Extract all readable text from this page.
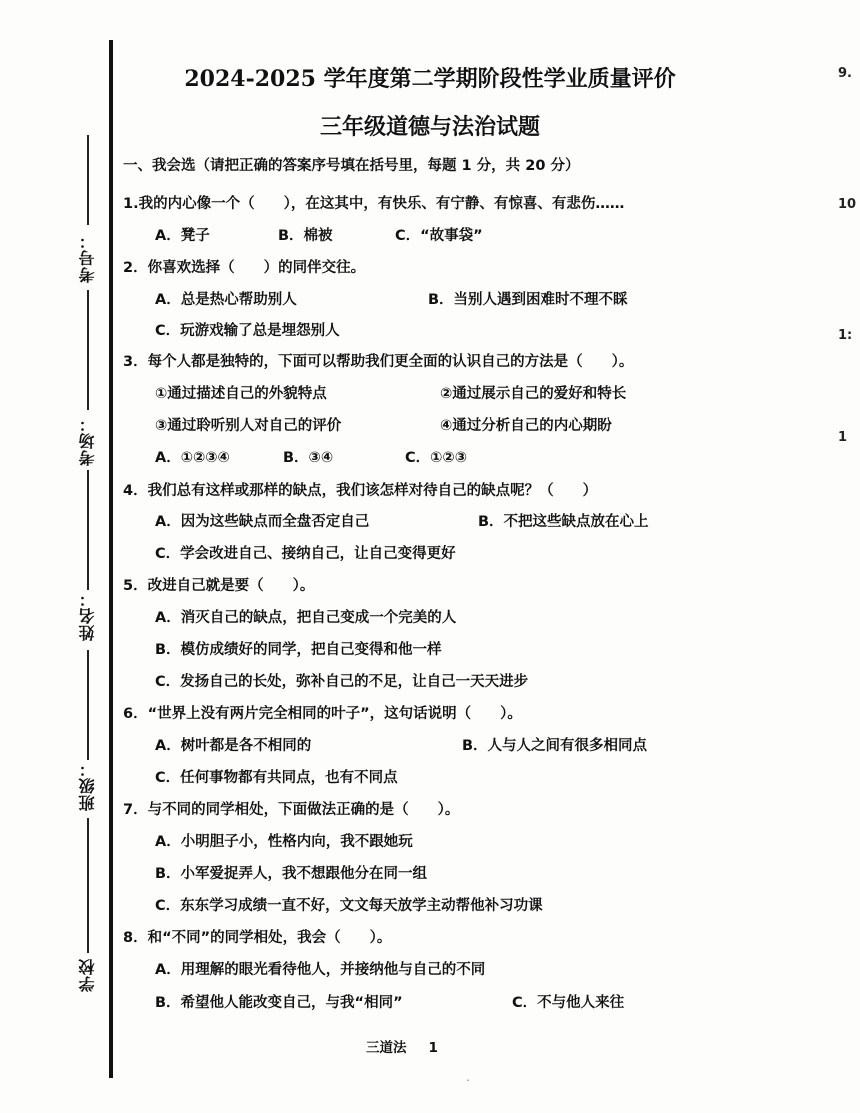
考号：
考场：
姓名：
班级：
学校
9.
10
1:
1
2024-2025 学年度第二学期阶段性学业质量评价
三年级道德与法治试题
一、我会选（请把正确的答案序号填在括号里，每题 1 分，共 20 分）
1.我的内心像一个（　　），在这其中，有快乐、有宁静、有惊喜、有悲伤……
A．凳子	B．棉被	C．“故事袋”
2．你喜欢选择（　　）的同伴交往。
A．总是热心帮助别人	B．当别人遇到困难时不理不睬
C．玩游戏输了总是埋怨别人
3．每个人都是独特的，下面可以帮助我们更全面的认识自己的方法是（　　）。
①通过描述自己的外貌特点	②通过展示自己的爱好和特长
③通过聆听别人对自己的评价	④通过分析自己的内心期盼
A．①②③④	B．③④	C．①②③
4．我们总有这样或那样的缺点，我们该怎样对待自己的缺点呢？（　　）
A．因为这些缺点而全盘否定自己	B．不把这些缺点放在心上
C．学会改进自己、接纳自己，让自己变得更好
5．改进自己就是要（　　）。
A．消灭自己的缺点，把自己变成一个完美的人
B．模仿成绩好的同学，把自己变得和他一样
C．发扬自己的长处，弥补自己的不足，让自己一天天进步
6．“世界上没有两片完全相同的叶子”，这句话说明（　　）。
A．树叶都是各不相同的	B．人与人之间有很多相同点
C．任何事物都有共同点，也有不同点
7．与不同的同学相处，下面做法正确的是（　　）。
A．小明胆子小，性格内向，我不跟她玩
B．小军爱捉弄人，我不想跟他分在同一组
C．东东学习成绩一直不好，文文每天放学主动帮他补习功课
8．和“不同”的同学相处，我会（　　）。
A．用理解的眼光看待他人，并接纳他与自己的不同
B．希望他人能改变自己，与我“相同”	C．不与他人来往
三道法 1
ˇ
